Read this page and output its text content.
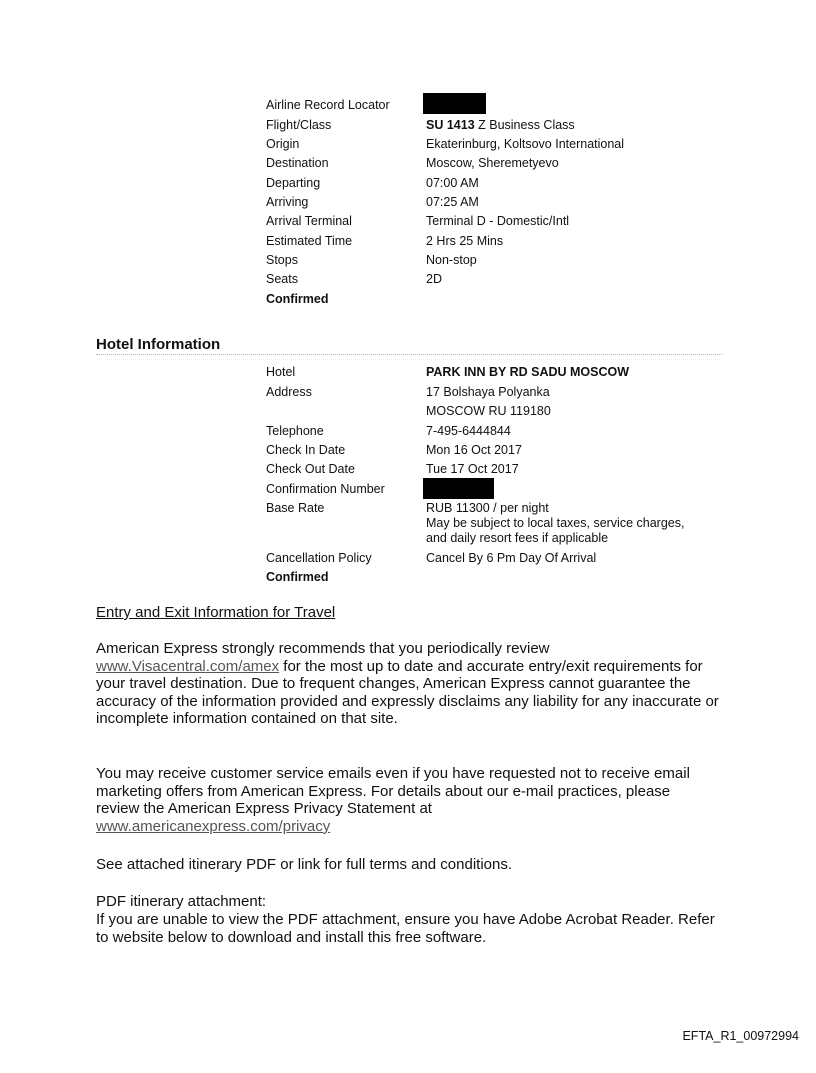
Airline Record Locator
Flight/Class	SU 1413 Z Business Class
Origin	Ekaterinburg, Koltsovo International
Destination	Moscow, Sheremetyevo
Departing	07:00 AM
Arriving	07:25 AM
Arrival Terminal	Terminal D - Domestic/Intl
Estimated Time	2 Hrs 25 Mins
Stops	Non-stop
Seats	2D
Confirmed
Hotel Information
Hotel	PARK INN BY RD SADU MOSCOW
Address	17 Bolshaya Polyanka
MOSCOW RU 119180
Telephone	7-495-6444844
Check In Date	Mon 16 Oct 2017
Check Out Date	Tue 17 Oct 2017
Confirmation Number
Base Rate	RUB 11300 / per night
May be subject to local taxes, service charges,
and daily resort fees if applicable
Cancellation Policy	Cancel By 6 Pm Day Of Arrival
Confirmed
Entry and Exit Information for Travel
American Express strongly recommends that you periodically review
www.Visacentral.com/amex for the most up to date and accurate entry/exit requirements for your travel destination. Due to frequent changes, American Express cannot guarantee the accuracy of the information provided and expressly disclaims any liability for any inaccurate or incomplete information contained on that site.
You may receive customer service emails even if you have requested not to receive email marketing offers from American Express. For details about our e-mail practices, please review the American Express Privacy Statement at
www.americanexpress.com/privacy
See attached itinerary PDF or link for full terms and conditions.
PDF itinerary attachment:
If you are unable to view the PDF attachment, ensure you have Adobe Acrobat Reader. Refer to website below to download and install this free software.
EFTA_R1_00972994
